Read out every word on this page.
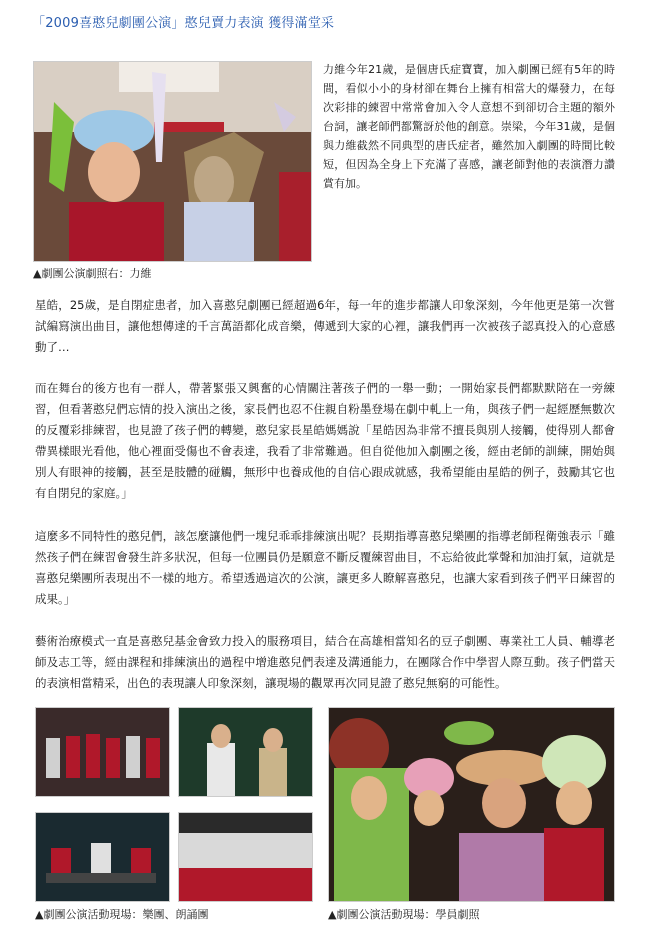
「2009喜憨兒劇團公演」憨兒賣力表演 獲得滿堂采
▲劇團公演劇照右：力維

力維今年21歲，是個唐氏症寶寶，加入劇團已經有5年的時間，看似小小的身材卻在舞台上擁有相當大的爆發力，在每次彩排的練習中常常會加入令人意想不到卻切合主題的額外台詞，讓老師們都驚訝於他的創意。崇梁，今年31歲，是個與力維截然不同典型的唐氏症者，雖然加入劇團的時間比較短，但因為全身上下充滿了喜感，讓老師對他的表演潛力讚賞有加。

星皓，25歲，是自閉症患者，加入喜憨兒劇團已經超過6年，每一年的進步都讓人印象深刻，今年他更是第一次嘗試編寫演出曲目，讓他想傳達的千言萬語都化成音樂，傳遞到大家的心裡，讓我們再一次被孩子認真投入的心意感動了…

而在舞台的後方也有一群人，帶著緊張又興奮的心情關注著孩子們的一舉一動；一開始家長們都默默陪在一旁練習，但看著憨兒們忘情的投入演出之後，家長們也忍不住親自粉墨登場在劇中軋上一角，與孩子們一起經歷無數次的反覆彩排練習，也見證了孩子們的轉變，憨兒家長星皓媽媽說「星皓因為非常不擅長與別人接觸，使得別人都會帶異樣眼光看他，他心裡面受傷也不會表達，我看了非常難過。但自從他加入劇團之後，經由老師的訓練，開始與別人有眼神的接觸，甚至是肢體的碰觸，無形中也養成他的自信心跟成就感，我希望能由星皓的例子，鼓勵其它也有自閉兒的家庭。」

這麼多不同特性的憨兒們，該怎麼讓他們一塊兒乖乖排練演出呢？長期指導喜憨兒樂團的指導老師程衛強表示「雖然孩子們在練習會發生許多狀況，但每一位團員仍是願意不斷反覆練習曲目，不忘給彼此掌聲和加油打氣，這就是喜憨兒樂團所表現出不一樣的地方。希望透過這次的公演，讓更多人瞭解喜憨兒，也讓大家看到孩子們平日練習的成果。」

藝術治療模式一直是喜憨兒基金會致力投入的服務項目，結合在高雄相當知名的豆子劇團、專業社工人員、輔導老師及志工等，經由課程和排練演出的過程中增進憨兒們表達及溝通能力，在團隊合作中學習人際互動。孩子們當天的表演相當精采，出色的表現讓人印象深刻，讓現場的觀眾再次同見證了憨兒無窮的可能性。

▲劇團公演活動現場：樂團、朗誦團	▲劇團公演活動現場：學員劇照
